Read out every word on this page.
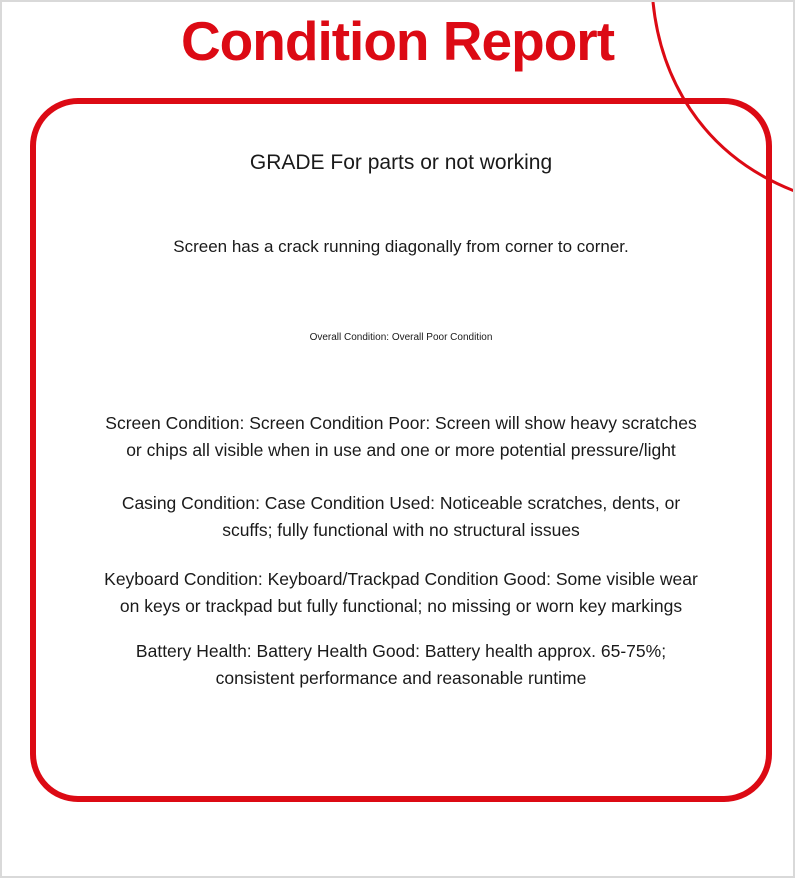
Condition Report
GRADE For parts or not working
Screen has a crack running diagonally from corner to corner.
Overall Condition: Overall Poor Condition
Screen Condition: Screen Condition Poor: Screen will show heavy scratches
or chips all visible when in use and one or more potential pressure/light
Casing Condition: Case Condition Used: Noticeable scratches, dents, or
scuffs; fully functional with no structural issues
Keyboard Condition: Keyboard/Trackpad Condition Good: Some visible wear
on keys or trackpad but fully functional; no missing or worn key markings
Battery Health: Battery Health Good: Battery health approx. 65-75%;
consistent performance and reasonable runtime
